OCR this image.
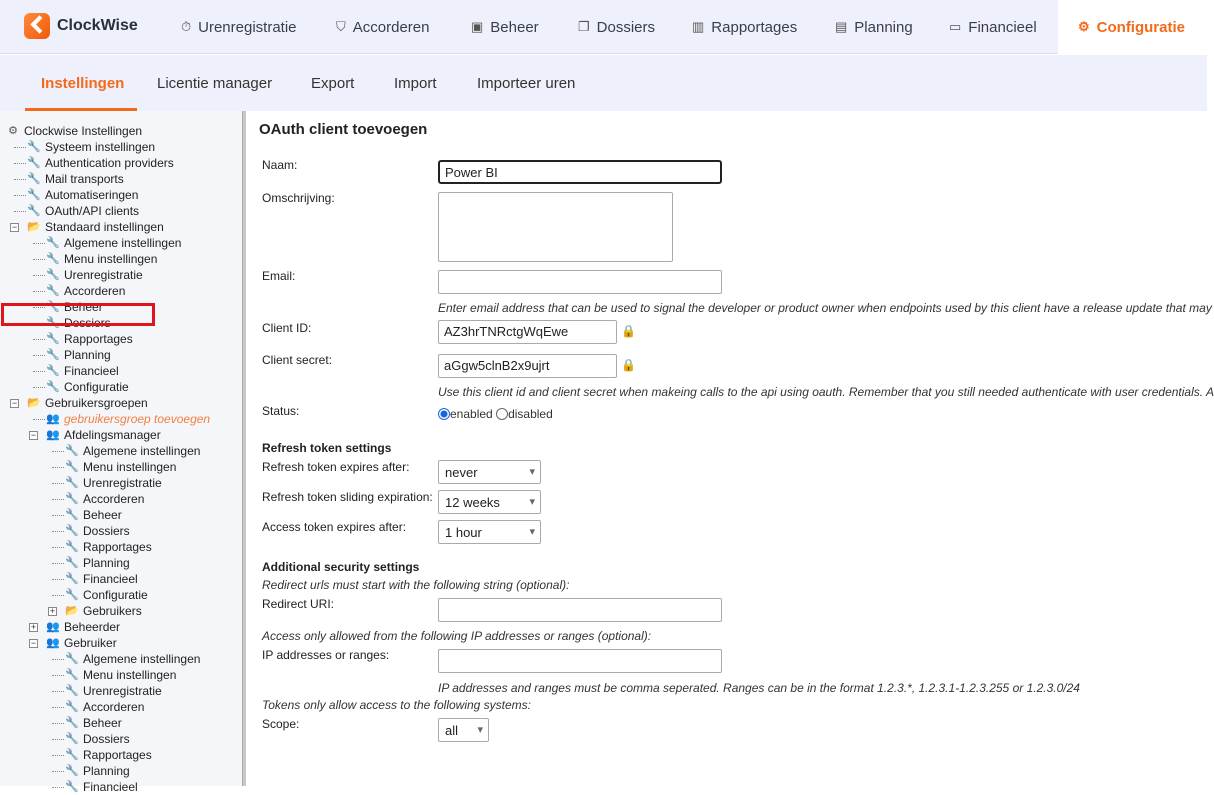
ClockWise	⏱ Urenregistratie	⛉ Accorderen	▣ Beheer	❐ Dossiers	▥ Rapportages	▤ Planning	▭ Financieel	⚙ Configuratie
Instellingen Licentie manager	Export	Import	Importeer uren
⚙ Clockwise Instellingen
🔧 Systeem instellingen
🔧 Authentication providers
🔧 Mail transports
🔧 Automatiseringen
🔧 OAuth/API clients
− 📂 Standaard instellingen
🔧 Algemene instellingen
🔧 Menu instellingen
🔧 Urenregistratie
🔧 Accorderen
🔧 Beheer
🔧 Dossiers
🔧 Rapportages
🔧 Planning
🔧 Financieel
🔧 Configuratie
− 📂 Gebruikersgroepen
👥 gebruikersgroep toevoegen
− 👥 Afdelingsmanager
🔧 Algemene instellingen
🔧 Menu instellingen
🔧 Urenregistratie
🔧 Accorderen
🔧 Beheer
🔧 Dossiers
🔧 Rapportages
🔧 Planning
🔧 Financieel
🔧 Configuratie
+ 📂 Gebruikers
+ 👥 Beheerder
− 👥 Gebruiker
🔧 Algemene instellingen
🔧 Menu instellingen
🔧 Urenregistratie
🔧 Accorderen
🔧 Beheer
🔧 Dossiers
🔧 Rapportages
🔧 Planning
🔧 Financieel
OAuth client toevoegen
Naam:	Power BI
Omschrijving:
Email:
Enter email address that can be used to signal the developer or product owner when endpoints used by this client have a release update that may
Client ID:	AZ3hrTNRctgWqEwe	🔒
Client secret:	aGgw5clnB2x9ujrt	🔒
Use this client id and client secret when makeing calls to the api using oauth. Remember that you still needed authenticate with user credentials. A
Status:	enabled disabled
Refresh token settings
Refresh token expires after:	never ▾
Refresh token sliding expiration: 12 weeks ▾
Access token expires after:	1 hour ▾
Additional security settings
Redirect urls must start with the following string (optional):
Redirect URI:
Access only allowed from the following IP addresses or ranges (optional):
IP addresses or ranges:
IP addresses and ranges must be comma seperated. Ranges can be in the format 1.2.3.*, 1.2.3.1-1.2.3.255 or 1.2.3.0/24
Tokens only allow access to the following systems:
Scope:	all ▾
